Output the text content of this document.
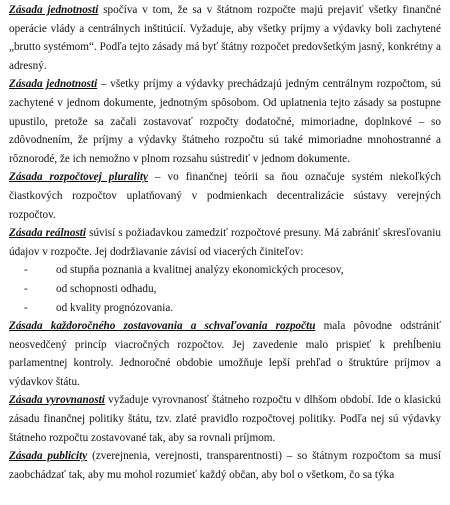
Zásada jednotnosti spočíva v tom, že sa v štátnom rozpočte majú prejaviť všetky finančné operácie vlády a centrálnych inštitúcií. Vyžaduje, aby všetky príjmy a výdavky boli zachytené „brutto systémom“. Podľa tejto zásady má byť štátny rozpočet predovšetkým jasný, konkrétny a adresný.

Zásada jednotnosti – všetky príjmy a výdavky prechádzajú jedným centrálnym rozpočtom, sú zachytené v jednom dokumente, jednotným spôsobom. Od uplatnenia tejto zásady sa postupne upustilo, pretože sa začali zostavovať rozpočty dodatočné, mimoriadne, doplnkové – so zdôvodnením, že príjmy a výdavky štátneho rozpočtu sú také mimoriadne mnohostranné a rôznorodé, že ich nemožno v plnom rozsahu sústrediť v jednom dokumente.

Zásada rozpočtovej plurality – vo finančnej teórii sa ňou označuje systém niekoľkých čiastkových rozpočtov uplatňovaný v podmienkach decentralizácie sústavy verejných rozpočtov.

Zásada reálnosti súvisí s požiadavkou zamedziť rozpočtové presuny. Má zabrániť skresľovaniu údajov v rozpočte. Jej dodržiavanie závisí od viacerých činiteľov:

-	od stupňa poznania a kvalitnej analýzy ekonomických procesov,
-	od schopnosti odhadu,
-	od kvality prognózovania.

Zásada každoročného zostavovania a schvaľovania rozpočtu mala pôvodne odstrániť neosvedčený princíp viacročných rozpočtov. Jej zavedenie malo prispieť k prehĺbeniu parlamentnej kontroly. Jednoročné obdobie umožňuje lepší prehľad o štruktúre príjmov a výdavkov štátu.

Zásada vyrovnanosti vyžaduje vyrovnanosť štátneho rozpočtu v dlhšom období. Ide o klasickú zásadu finančnej politiky štátu, tzv. zlaté pravidlo rozpočtovej politiky. Podľa nej sú výdavky štátneho rozpočtu zostavované tak, aby sa rovnali príjmom.

Zásada publicity (zverejnenia, verejnosti, transparentnosti) – so štátnym rozpočtom sa musí zaobchádzať tak, aby mu mohol rozumieť každý občan, aby bol o všetkom, čo sa týka
